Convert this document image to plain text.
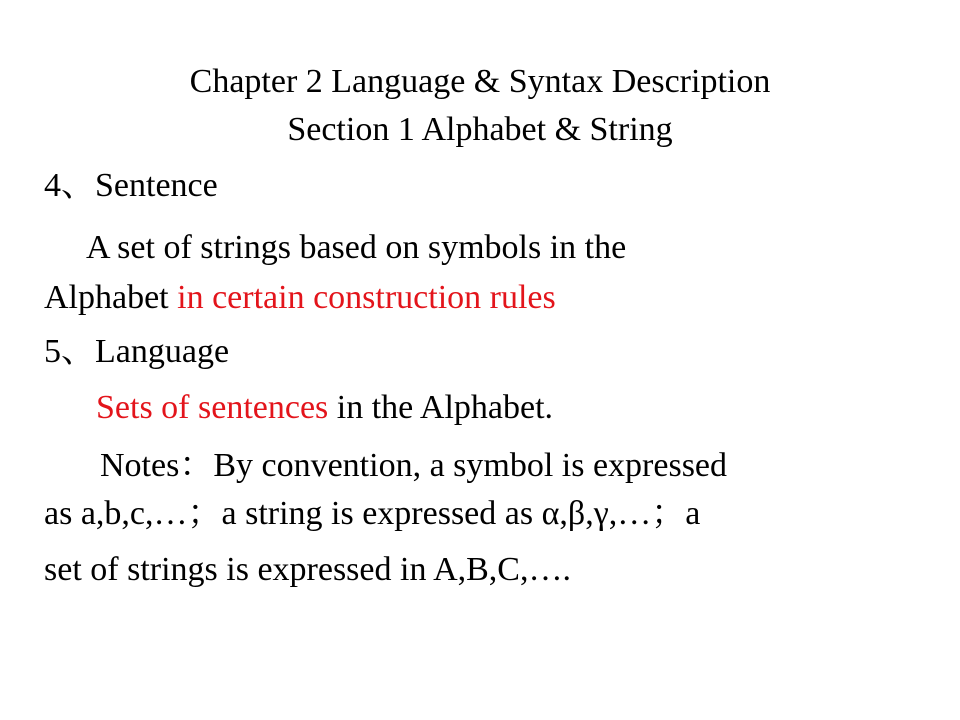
Chapter 2 Language & Syntax Description
Section 1 Alphabet & String
4、Sentence
A set of strings based on symbols in the
Alphabet in certain construction rules
5、Language
Sets of sentences in the Alphabet.
Notes：By convention, a symbol is expressed
as a,b,c,…；a string is expressed as α,β,γ,…；a
set of strings is expressed in A,B,C,….
